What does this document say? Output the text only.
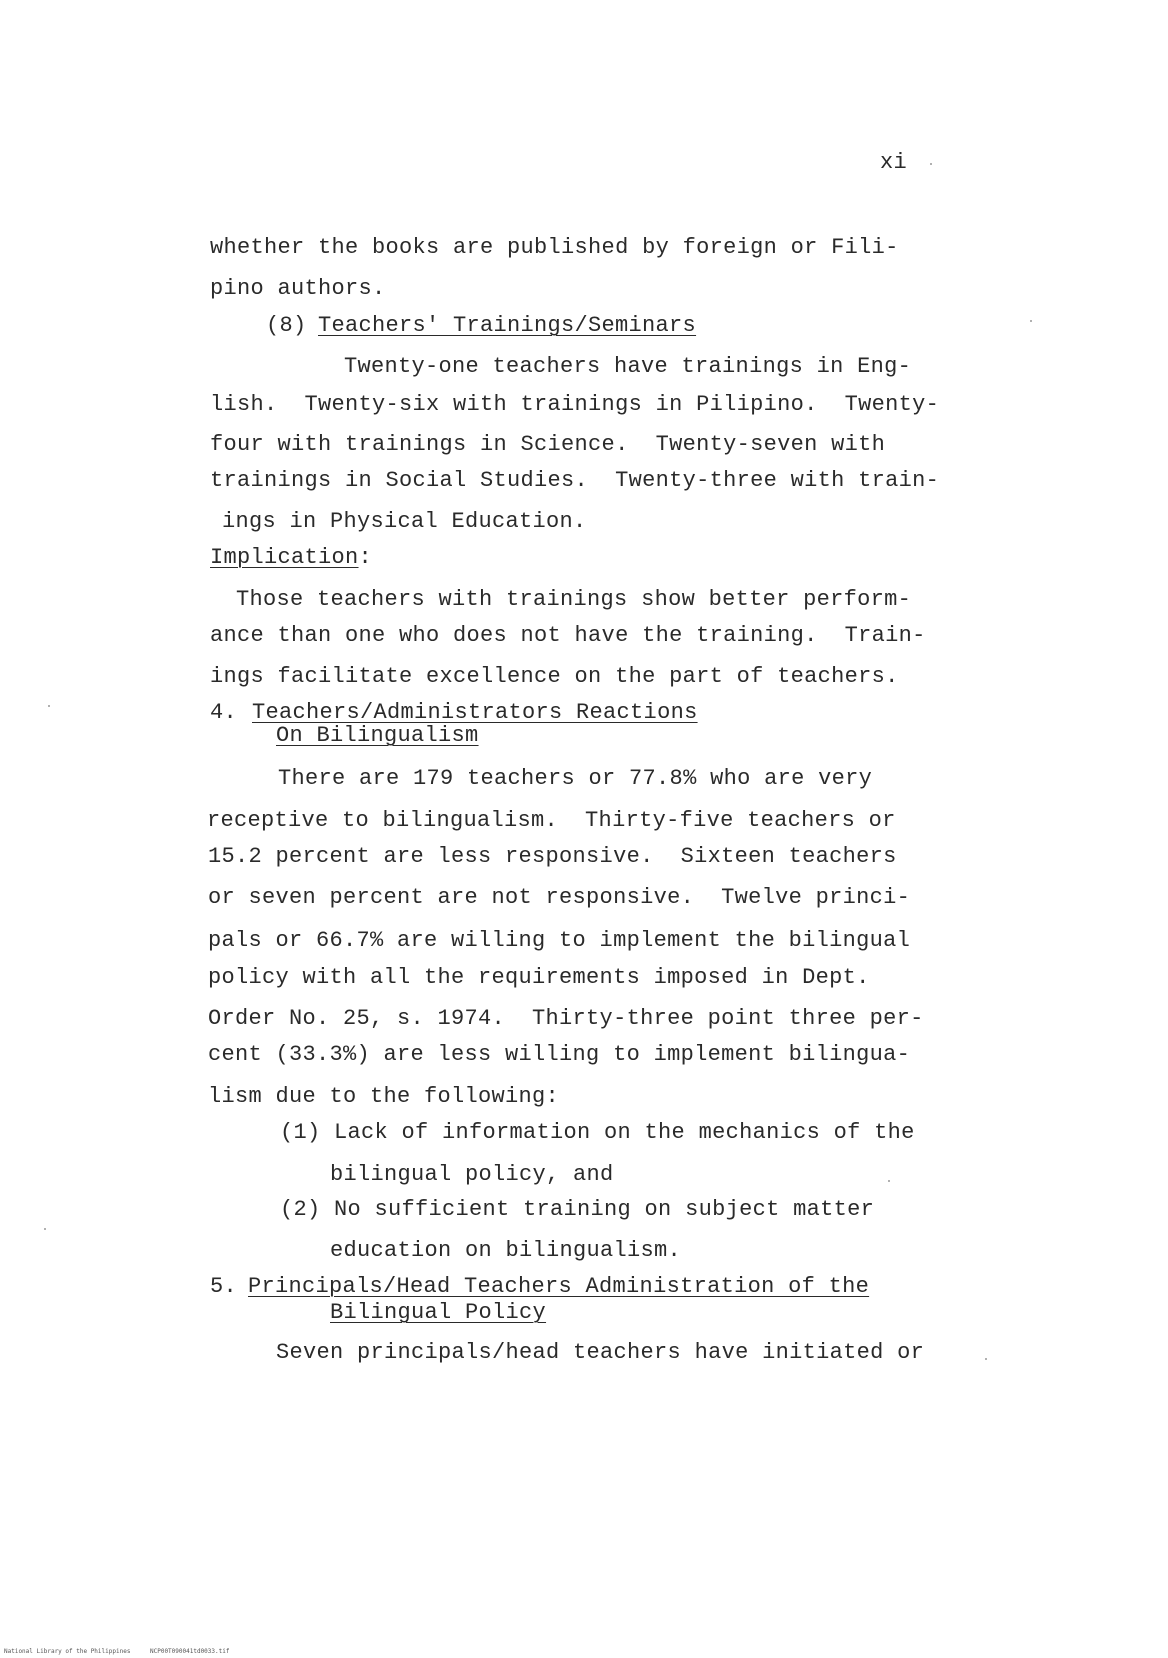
xi
whether the books are published by foreign or Fili-
pino authors.
(8) Teachers' Trainings/Seminars
Twenty-one teachers have trainings in Eng-
lish.  Twenty-six with trainings in Pilipino.  Twenty-
four with trainings in Science.  Twenty-seven with
trainings in Social Studies.  Twenty-three with train-
ings in Physical Education.
Implication:
Those teachers with trainings show better perform-
ance than one who does not have the training.  Train-
ings facilitate excellence on the part of teachers.
4. Teachers/Administrators Reactions
On Bilingualism
There are 179 teachers or 77.8% who are very
receptive to bilingualism.  Thirty-five teachers or
15.2 percent are less responsive.  Sixteen teachers
or seven percent are not responsive.  Twelve princi-
pals or 66.7% are willing to implement the bilingual
policy with all the requirements imposed in Dept.
Order No. 25, s. 1974.  Thirty-three point three per-
cent (33.3%) are less willing to implement bilingua-
lism due to the following:
(1) Lack of information on the mechanics of the
bilingual policy, and
(2) No sufficient training on subject matter
education on bilingualism.
5. Principals/Head Teachers Administration of the
Bilingual Policy
Seven principals/head teachers have initiated or
National Library of the Philippines	NCP00T090041td0033.tif
